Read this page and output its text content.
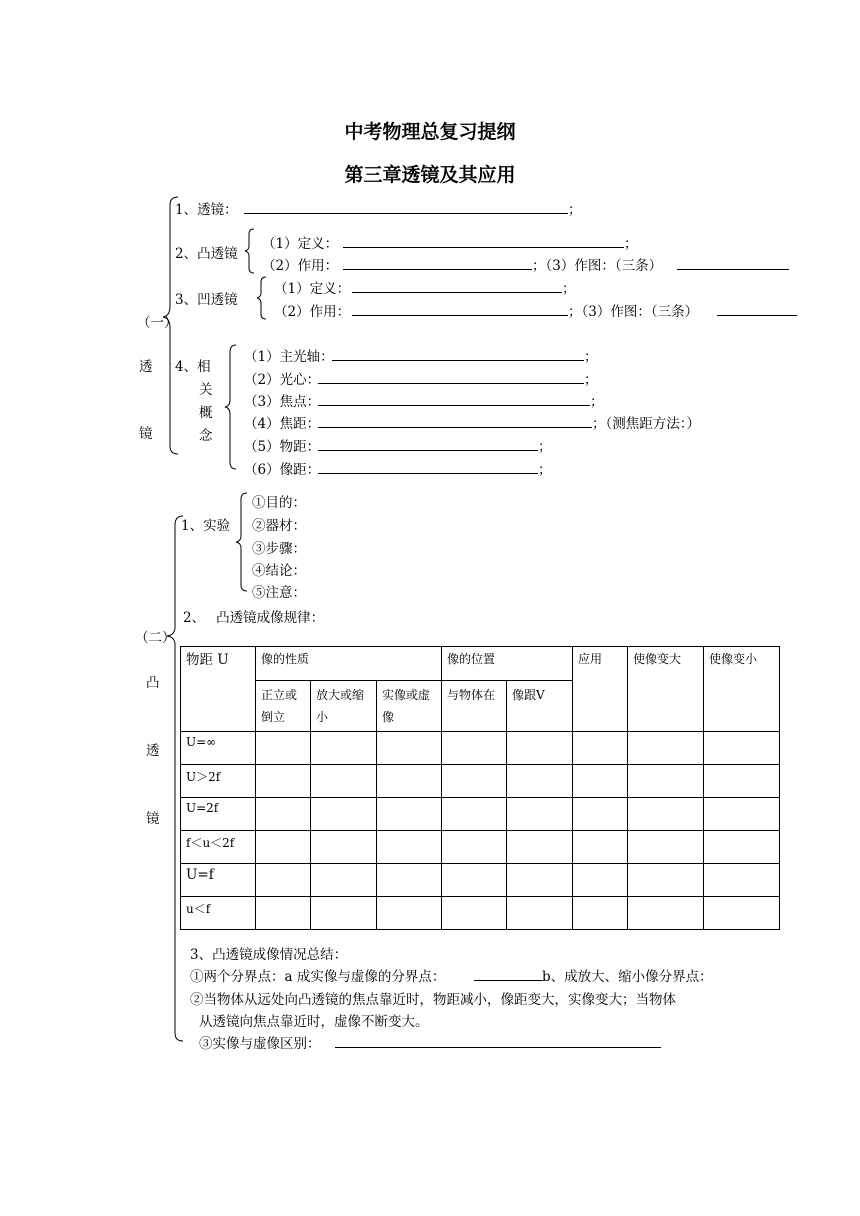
中考物理总复习提纲
第三章透镜及其应用
（一）
透
镜
1、透镜：	；
2、凸透镜
（1）定义：	；
（2）作用：	；（3）作图：（三条）
3、凹透镜
（1）定义：	；
（2）作用：	；（3）作图：（三条）
4、相
关
概
念
（1）主光轴：	；
（2）光心：	；
（3）焦点：	；
（4）焦距：	；（测焦距方法：）
（5）物距：	；
（6）像距：	；
（二）
凸
透
镜
1、实验
①目的：
②器材：
③步骤：
④结论：
⑤注意：
2、　 凸透镜成像规律：
物距 U	像的性质			像的位置		应用	使像变大	使像变小
	正立或倒立	放大或缩小	实像或虚像	与物体在	像跟V			
U=∞								
U＞2f								
U=2f								
f＜u＜2f								
U=f								
u＜f								
3、凸透镜成像情况总结：
①两个分界点：a 成实像与虚像的分界点：	b、成放大、缩小像分界点：
②当物体从远处向凸透镜的焦点靠近时，物距减小，像距变大，实像变大；当物体
从透镜向焦点靠近时，虚像不断变大。
③实像与虚像区别：
